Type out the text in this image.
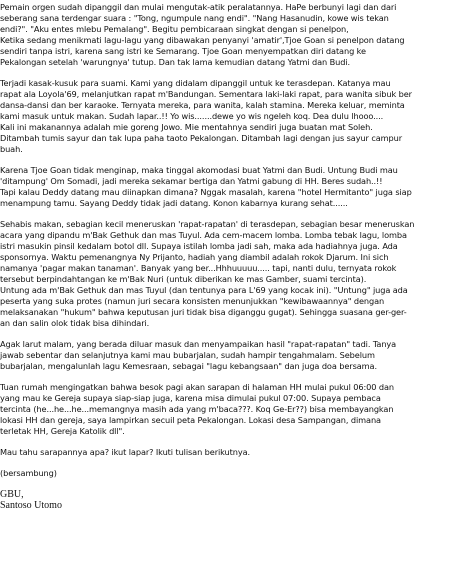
Pemain orgen sudah dipanggil dan mulai mengutak-atik peralatannya. HaPe berbunyi lagi dan dari
seberang sana terdengar suara : "Tong, ngumpule nang endi". "Nang Hasanudin, kowe wis tekan
endi?". "Aku entes mlebu Pemalang". Begitu pembicaraan singkat dengan si penelpon,
Ketika sedang menikmati lagu-lagu yang dibawakan penyanyi 'amatir',Tjoe Goan si penelpon datang
sendiri tanpa istri, karena sang istri ke Semarang. Tjoe Goan menyempatkan diri datang ke
Pekalongan setelah 'warungnya' tutup. Dan tak lama kemudian datang Yatmi dan Budi.

Terjadi kasak-kusuk para suami. Kami yang didalam dipanggil untuk ke terasdepan. Katanya mau
rapat ala Loyola'69, melanjutkan rapat m'Bandungan. Sementara laki-laki rapat, para wanita sibuk ber
dansa-dansi dan ber karaoke. Ternyata mereka, para wanita, kalah stamina. Mereka keluar, meminta
kami masuk untuk makan. Sudah lapar..!! Yo wis.......dewe yo wis ngeleh koq. Dea dulu lhooo....
Kali ini makanannya adalah mie goreng Jowo. Mie mentahnya sendiri juga buatan mat Soleh.
Ditambah tumis sayur dan tak lupa paha taoto Pekalongan. Ditambah lagi dengan jus sayur campur
buah.

Karena Tjoe Goan tidak menginap, maka tinggal akomodasi buat Yatmi dan Budi. Untung Budi mau
'ditampung' Om Somadi, jadi mereka sekamar bertiga dan Yatmi gabung di HH. Beres sudah..!!
Tapi kalau Deddy datang mau diinapkan dimana? Nggak masalah, karena "hotel Hermitanto" juga siap
menampung tamu. Sayang Deddy tidak jadi datang. Konon kabarnya kurang sehat......

Sehabis makan, sebagian kecil meneruskan 'rapat-rapatan' di terasdepan, sebagian besar meneruskan
acara yang dipandu m'Bak Gethuk dan mas Tuyul. Ada cem-macem lomba. Lomba tebak lagu, lomba
istri masukin pinsil kedalam botol dll. Supaya istilah lomba jadi sah, maka ada hadiahnya juga. Ada
sponsornya. Waktu pemenangnya Ny Prijanto, hadiah yang diambil adalah rokok Djarum. Ini sich
namanya 'pagar makan tanaman'. Banyak yang ber...Hhhuuuuu..... tapi, nanti dulu, ternyata rokok
tersebut berpindahtangan ke m'Bak Nuri (untuk diberikan ke mas Gamber, suami tercinta).
Untung ada m'Bak Gethuk dan mas Tuyul (dan tentunya para L'69 yang kocak ini). "Untung" juga ada
peserta yang suka protes (namun juri secara konsisten menunjukkan "kewibawaannya" dengan
melaksanakan "hukum" bahwa keputusan juri tidak bisa diganggu gugat). Sehingga suasana ger-ger-
an dan salin olok tidak bisa dihindari.

Agak larut malam, yang berada diluar masuk dan menyampaikan hasil "rapat-rapatan" tadi. Tanya
jawab sebentar dan selanjutnya kami mau bubarjalan, sudah hampir tengahmalam. Sebelum
bubarjalan, mengalunlah lagu Kemesraan, sebagai "lagu kebangsaan" dan juga doa bersama.

Tuan rumah mengingatkan bahwa besok pagi akan sarapan di halaman HH mulai pukul 06:00 dan
yang mau ke Gereja supaya siap-siap juga, karena misa dimulai pukul 07:00. Supaya pembaca
tercinta (he...he...he...memangnya masih ada yang m'baca???. Koq Ge-Er??) bisa membayangkan
lokasi HH dan gereja, saya lampirkan secuil peta Pekalongan. Lokasi desa Sampangan, dimana
terletak HH, Gereja Katolik dll".

Mau tahu sarapannya apa? ikut lapar? Ikuti tulisan berikutnya.

(bersambung)

GBU,
Santoso Utomo
